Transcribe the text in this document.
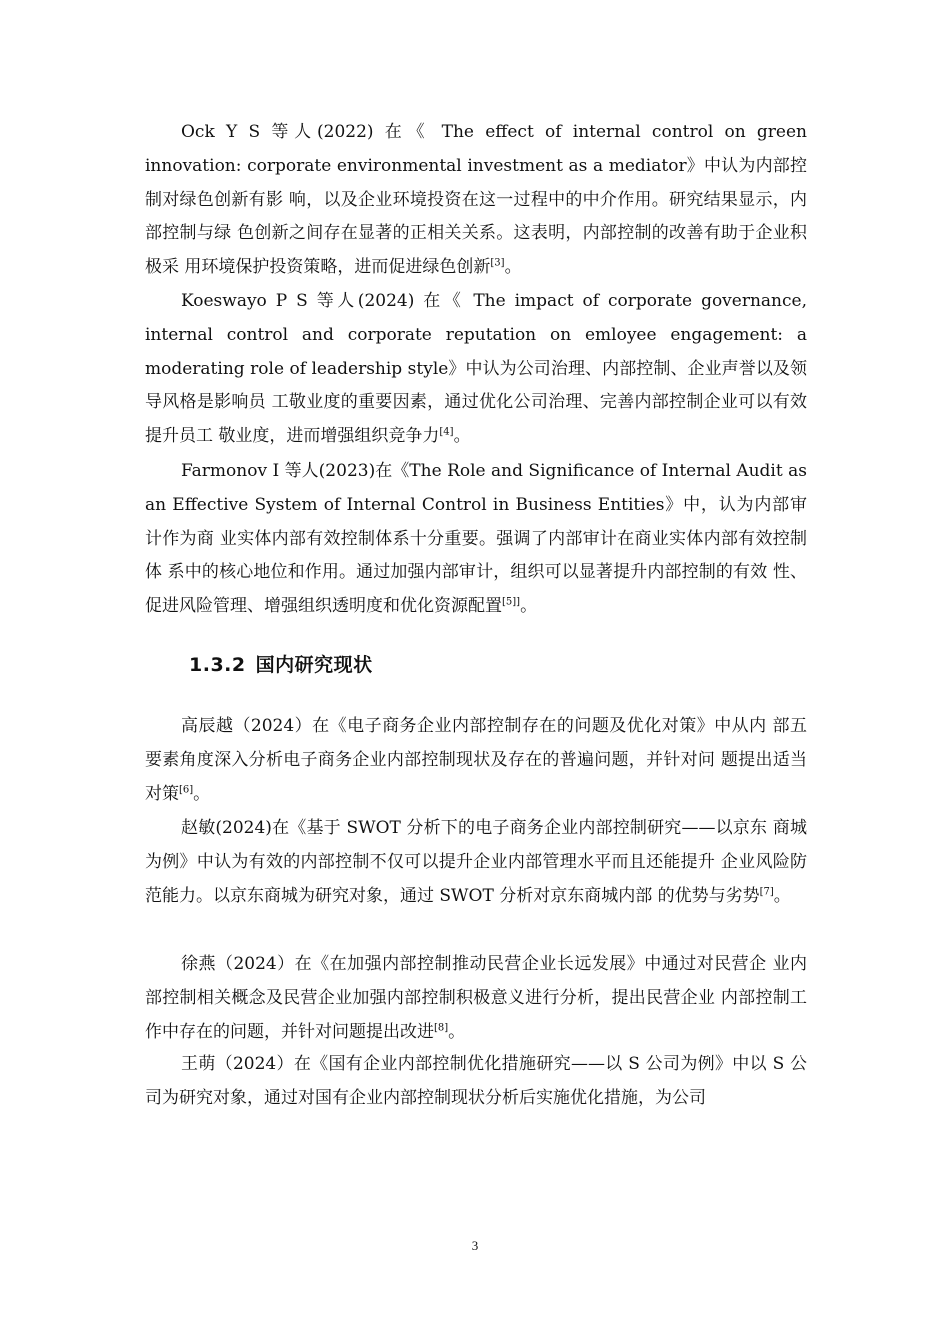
Ock Y S 等人(2022) 在《 The effect of internal control on green innovation: corporate environmental investment as a mediator》中认为内部控制对绿色创新有影 响，以及企业环境投资在这一过程中的中介作用。研究结果显示，内部控制与绿 色创新之间存在显著的正相关关系。这表明，内部控制的改善有助于企业积极采 用环境保护投资策略，进而促进绿色创新[3]。

Koeswayo P S 等人(2024) 在《 The impact of corporate governance, internal control and corporate reputation on emloyee engagement: a moderating role of leadership style》中认为公司治理、内部控制、企业声誉以及领导风格是影响员 工敬业度的重要因素，通过优化公司治理、完善内部控制企业可以有效提升员工 敬业度，进而增强组织竞争力[4]。

Farmonov I 等人(2023)在《The Role and Significance of Internal Audit as an Effective System of Internal Control in Business Entities》中，认为内部审计作为商 业实体内部有效控制体系十分重要。强调了内部审计在商业实体内部有效控制体 系中的核心地位和作用。通过加强内部审计，组织可以显著提升内部控制的有效 性、促进风险管理、增强组织透明度和优化资源配置[5]]。

1.3.2 国内研究现状

高辰越（2024）在《电子商务企业内部控制存在的问题及优化对策》中从内 部五要素角度深入分析电子商务企业内部控制现状及存在的普遍问题，并针对问 题提出适当对策[6]。

赵敏(2024)在《基于 SWOT 分析下的电子商务企业内部控制研究——以京东 商城为例》中认为有效的内部控制不仅可以提升企业内部管理水平而且还能提升 企业风险防范能力。以京东商城为研究对象，通过 SWOT 分析对京东商城内部 的优势与劣势[7]。

徐燕（2024）在《在加强内部控制推动民营企业长远发展》中通过对民营企 业内部控制相关概念及民营企业加强内部控制积极意义进行分析，提出民营企业 内部控制工作中存在的问题，并针对问题提出改进[8]。

王萌（2024）在《国有企业内部控制优化措施研究——以 S 公司为例》中以 S 公司为研究对象，通过对国有企业内部控制现状分析后实施优化措施，为公司

3
